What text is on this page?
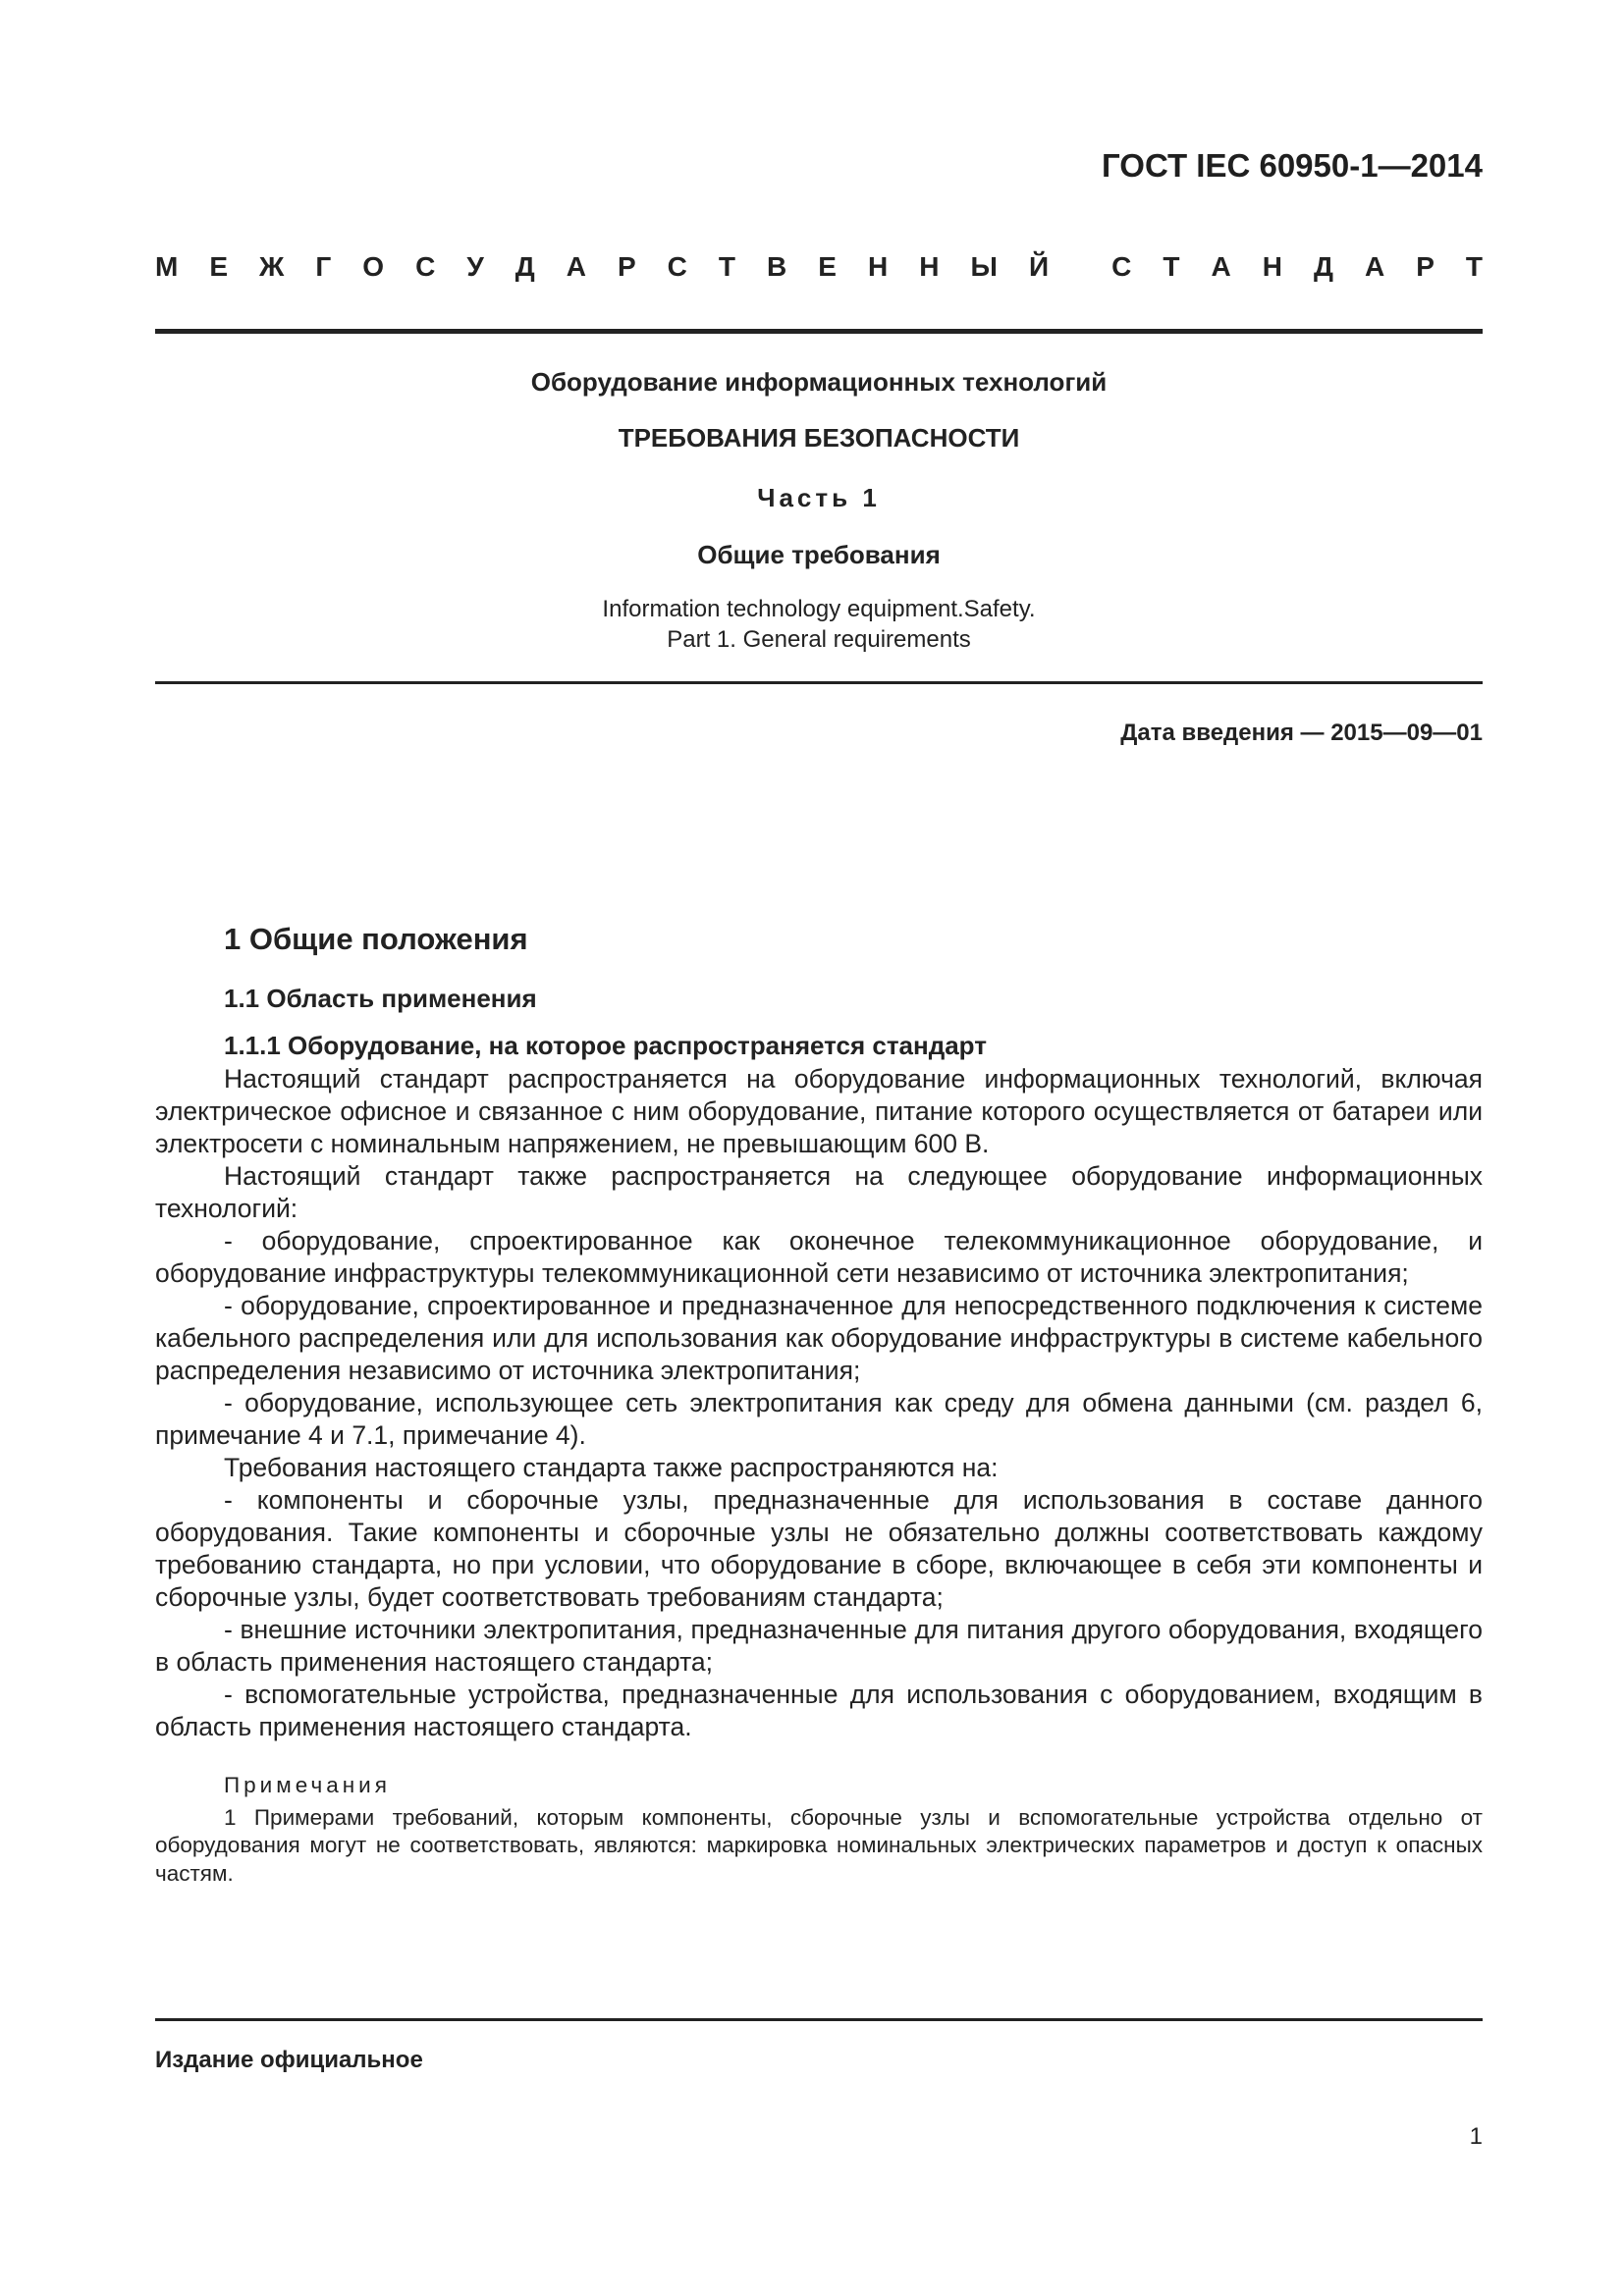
ГОСТ IEC 60950-1—2014
М Е Ж Г О С У Д А Р С Т В Е Н Н Ы Й С Т А Н Д А Р Т
Оборудование информационных технологий
ТРЕБОВАНИЯ БЕЗОПАСНОСТИ
Часть 1
Общие требования
Information technology equipment.Safety.
Part 1. General requirements
Дата введения — 2015—09—01
1 Общие положения
1.1 Область применения
1.1.1 Оборудование, на которое распространяется стандарт

Настоящий стандарт распространяется на оборудование информационных технологий, включая электрическое офисное и связанное с ним оборудование, питание которого осуществляется от батареи или электросети с номинальным напряжением, не превышающим 600 В.

Настоящий стандарт также распространяется на следующее оборудование информационных технологий:

- оборудование, спроектированное как оконечное телекоммуникационное оборудование, и оборудование инфраструктуры телекоммуникационной сети независимо от источника электропитания;

- оборудование, спроектированное и предназначенное для непосредственного подключения к системе кабельного распределения или для использования как оборудование инфраструктуры в системе кабельного распределения независимо от источника электропитания;

- оборудование, использующее сеть электропитания как среду для обмена данными (см. раздел 6, примечание 4 и 7.1, примечание 4).

Требования настоящего стандарта также распространяются на:

- компоненты и сборочные узлы, предназначенные для использования в составе данного оборудования. Такие компоненты и сборочные узлы не обязательно должны соответствовать каждому требованию стандарта, но при условии, что оборудование в сборе, включающее в себя эти компоненты и сборочные узлы, будет соответствовать требованиям стандарта;

- внешние источники электропитания, предназначенные для питания другого оборудования, входящего в область применения настоящего стандарта;

- вспомогательные устройства, предназначенные для использования с оборудованием, входящим в область применения настоящего стандарта.

Примечания

1 Примерами требований, которым компоненты, сборочные узлы и вспомогательные устройства отдельно от оборудования могут не соответствовать, являются: маркировка номинальных электрических параметров и доступ к опасных частям.

Издание официальное
1
